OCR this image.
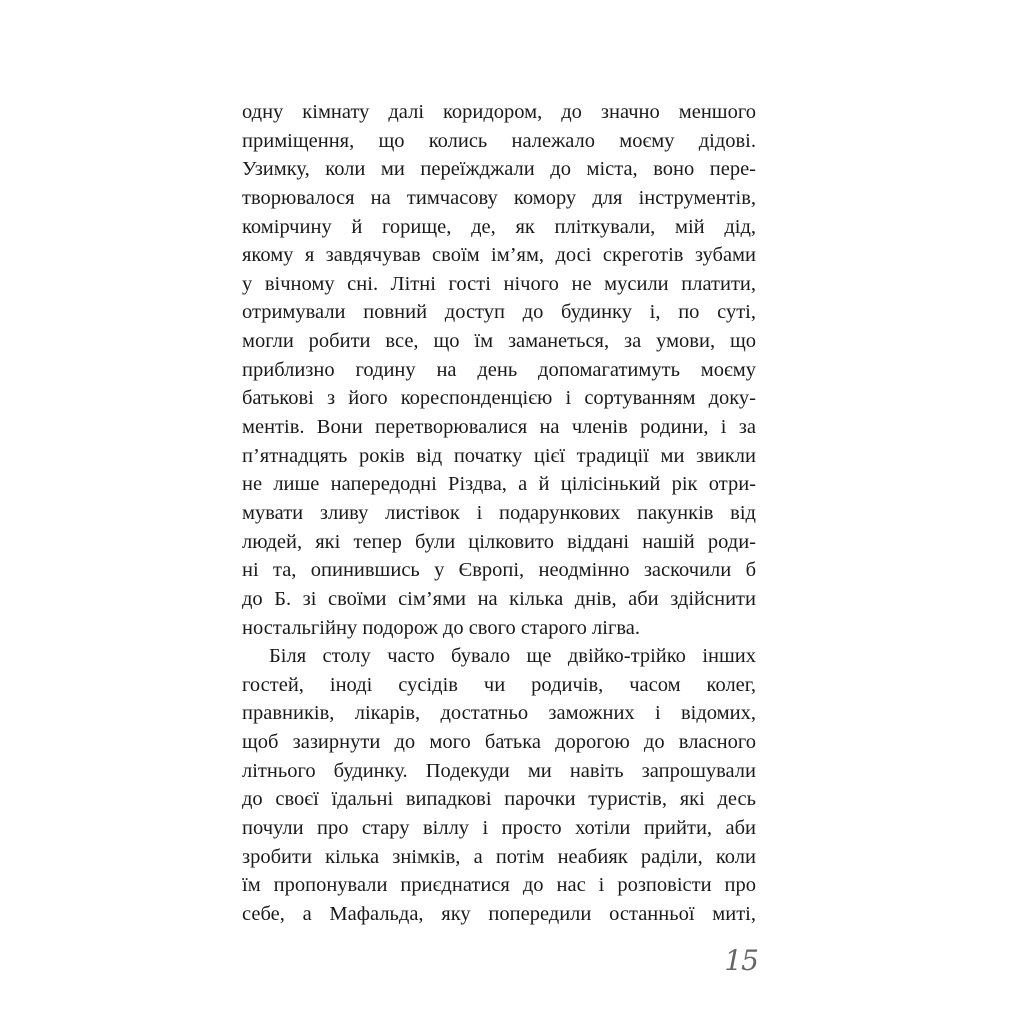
одну кімнату далі коридором, до значно меншого
приміщення, що колись належало моєму дідові.
Узимку, коли ми переїжджали до міста, воно пере-
творювалося на тимчасову комору для інструментів,
комірчину й горище, де, як пліткували, мій дід,
якому я завдячував своїм ім’ям, досі скреготів зубами
у вічному сні. Літні гості нічого не мусили платити,
отримували повний доступ до будинку і, по суті,
могли робити все, що їм заманеться, за умови, що
приблизно годину на день допомагатимуть моєму
батькові з його кореспонденцією і сортуванням доку-
ментів. Вони перетворювалися на членів родини, і за
п’ятнадцять років від початку цієї традиції ми звикли
не лише напередодні Різдва, а й цілісінький рік отри-
мувати зливу листівок і подарункових пакунків від
людей, які тепер були цілковито віддані нашій роди-
ні та, опинившись у Європі, неодмінно заскочили б
до Б. зі своїми сім’ями на кілька днів, аби здійснити
ностальгійну подорож до свого старого лігва.
Біля столу часто бувало ще двійко-трійко інших
гостей, іноді сусідів чи родичів, часом колег,
правників, лікарів, достатньо заможних і відомих,
щоб зазирнути до мого батька дорогою до власного
літнього будинку. Подекуди ми навіть запрошували
до своєї їдальні випадкові парочки туристів, які десь
почули про стару віллу і просто хотіли прийти, аби
зробити кілька знімків, а потім неабияк раділи, коли
їм пропонували приєднатися до нас і розповісти про
себе, а Мафальда, яку попередили останньої миті,
15
